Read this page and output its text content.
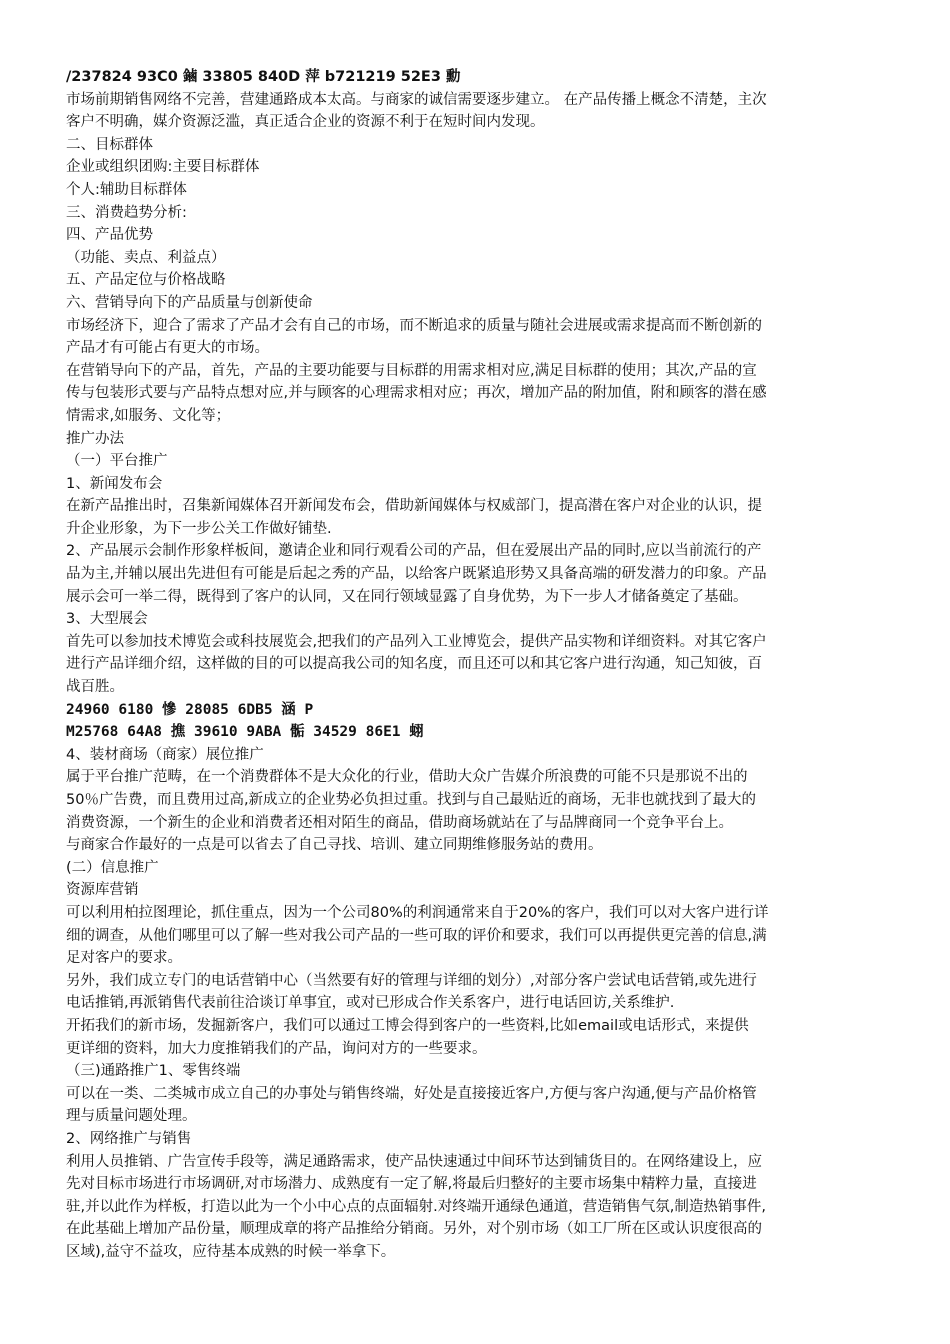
/237824 93C0 鏀 33805 840D 萍 b721219 52E3 勳
市场前期销售网络不完善，营建通路成本太高。与商家的诚信需要逐步建立。 在产品传播上概念不清楚，主次
客户不明确，媒介资源泛滥，真正适合企业的资源不利于在短时间内发现。
二、目标群体
企业或组织团购:主要目标群体
个人:辅助目标群体
三、消费趋势分析:
四、产品优势
（功能、卖点、利益点）
五、产品定位与价格战略
六、营销导向下的产品质量与创新使命
市场经济下，迎合了需求了产品才会有自己的市场，而不断追求的质量与随社会进展或需求提高而不断创新的
产品才有可能占有更大的市场。
在营销导向下的产品，首先，产品的主要功能要与目标群的用需求相对应,满足目标群的使用；其次,产品的宣
传与包装形式要与产品特点想对应,并与顾客的心理需求相对应；再次，增加产品的附加值，附和顾客的潜在感
情需求,如服务、文化等；
推广办法
（一）平台推广
1、新闻发布会
在新产品推出时，召集新闻媒体召开新闻发布会，借助新闻媒体与权威部门，提高潜在客户对企业的认识，提
升企业形象，为下一步公关工作做好铺垫.
2、产品展示会制作形象样板间，邀请企业和同行观看公司的产品，但在爱展出产品的同时,应以当前流行的产
品为主,并辅以展出先进但有可能是后起之秀的产品，以给客户既紧追形势又具备高端的研发潜力的印象。产品
展示会可一举二得，既得到了客户的认同，又在同行领域显露了自身优势，为下一步人才储备奠定了基础。
3、大型展会
首先可以参加技术博览会或科技展览会,把我们的产品列入工业博览会，提供产品实物和详细资料。对其它客户
进行产品详细介绍，这样做的目的可以提高我公司的知名度，而且还可以和其它客户进行沟通，知己知彼，百
战百胜。
24960 6180 慘 28085 6DB5 涵 P
M25768 64A8 撨 39610 9ABA 骺 34529 86E1 蛡
4、装材商场（商家）展位推广
属于平台推广范畴，在一个消费群体不是大众化的行业，借助大众广告媒介所浪费的可能不只是那说不出的
50％广告费，而且费用过高,新成立的企业势必负担过重。找到与自己最贴近的商场，无非也就找到了最大的
消费资源，一个新生的企业和消费者还相对陌生的商品，借助商场就站在了与品牌商同一个竞争平台上。
与商家合作最好的一点是可以省去了自己寻找、培训、建立同期维修服务站的费用。
(二）信息推广
资源库营销
可以利用柏拉图理论，抓住重点，因为一个公司80%的利润通常来自于20%的客户，我们可以对大客户进行详
细的调查，从他们哪里可以了解一些对我公司产品的一些可取的评价和要求，我们可以再提供更完善的信息,满
足对客户的要求。
另外，我们成立专门的电话营销中心（当然要有好的管理与详细的划分）,对部分客户尝试电话营销,或先进行
电话推销,再派销售代表前往洽谈订单事宜，或对已形成合作关系客户，进行电话回访,关系维护.
开拓我们的新市场，发掘新客户，我们可以通过工博会得到客户的一些资料,比如email或电话形式，来提供
更详细的资料，加大力度推销我们的产品，询问对方的一些要求。
（三)通路推广1、零售终端
可以在一类、二类城市成立自己的办事处与销售终端，好处是直接接近客户,方便与客户沟通,便与产品价格管
理与质量问题处理。
2、网络推广与销售
利用人员推销、广告宣传手段等，满足通路需求，使产品快速通过中间环节达到铺货目的。在网络建设上，应
先对目标市场进行市场调研,对市场潜力、成熟度有一定了解,将最后归整好的主要市场集中精粹力量，直接进
驻,并以此作为样板，打造以此为一个小中心点的点面辐射.对终端开通绿色通道，营造销售气氛,制造热销事件,
在此基础上增加产品份量，顺理成章的将产品推给分销商。另外，对个别市场（如工厂所在区或认识度很高的
区域),益守不益攻，应待基本成熟的时候一举拿下。
